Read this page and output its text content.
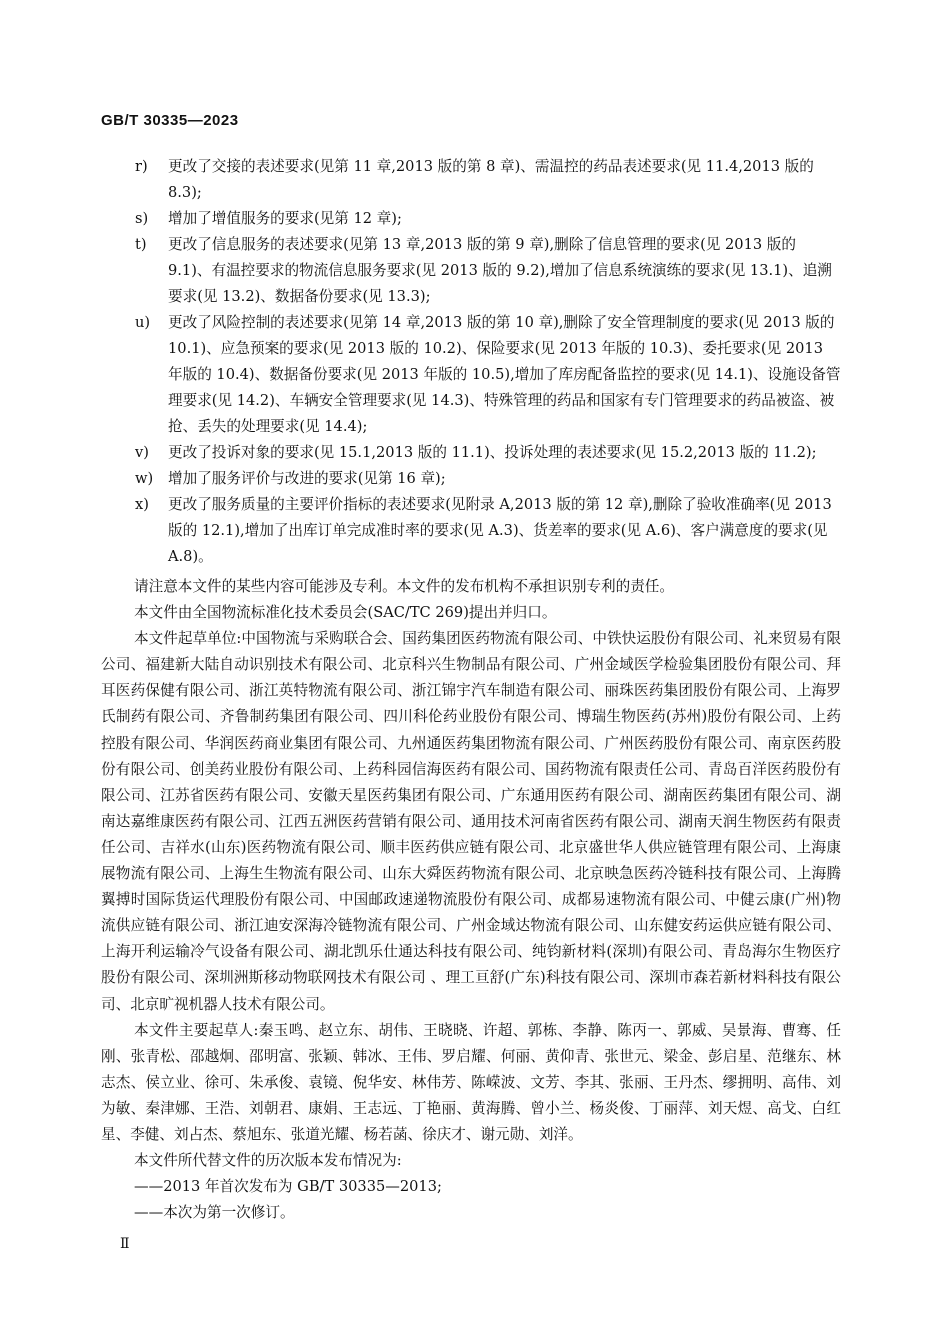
GB/T 30335—2023
r) 更改了交接的表述要求(见第 11 章,2013 版的第 8 章)、需温控的药品表述要求(见 11.4,2013 版的 8.3);
s) 增加了增值服务的要求(见第 12 章);
t) 更改了信息服务的表述要求(见第 13 章,2013 版的第 9 章),删除了信息管理的要求(见 2013 版的 9.1)、有温控要求的物流信息服务要求(见 2013 版的 9.2),增加了信息系统演练的要求(见 13.1)、追溯要求(见 13.2)、数据备份要求(见 13.3);
u) 更改了风险控制的表述要求(见第 14 章,2013 版的第 10 章),删除了安全管理制度的要求(见 2013 版的 10.1)、应急预案的要求(见 2013 版的 10.2)、保险要求(见 2013 年版的 10.3)、委托要求(见 2013 年版的 10.4)、数据备份要求(见 2013 年版的 10.5),增加了库房配备监控的要求(见 14.1)、设施设备管理要求(见 14.2)、车辆安全管理要求(见 14.3)、特殊管理的药品和国家有专门管理要求的药品被盗、被抢、丢失的处理要求(见 14.4);
v) 更改了投诉对象的要求(见 15.1,2013 版的 11.1)、投诉处理的表述要求(见 15.2,2013 版的 11.2);
w) 增加了服务评价与改进的要求(见第 16 章);
x) 更改了服务质量的主要评价指标的表述要求(见附录 A,2013 版的第 12 章),删除了验收准确率(见 2013 版的 12.1),增加了出库订单完成准时率的要求(见 A.3)、货差率的要求(见 A.6)、客户满意度的要求(见 A.8)。

请注意本文件的某些内容可能涉及专利。本文件的发布机构不承担识别专利的责任。

本文件由全国物流标准化技术委员会(SAC/TC 269)提出并归口。

本文件起草单位:中国物流与采购联合会、国药集团医药物流有限公司、中铁快运股份有限公司、礼来贸易有限公司、福建新大陆自动识别技术有限公司、北京科兴生物制品有限公司、广州金域医学检验集团股份有限公司、拜耳医药保健有限公司、浙江英特物流有限公司、浙江锦宇汽车制造有限公司、丽珠医药集团股份有限公司、上海罗氏制药有限公司、齐鲁制药集团有限公司、四川科伦药业股份有限公司、博瑞生物医药(苏州)股份有限公司、上药控股有限公司、华润医药商业集团有限公司、九州通医药集团物流有限公司、广州医药股份有限公司、南京医药股份有限公司、创美药业股份有限公司、上药科园信海医药有限公司、国药物流有限责任公司、青岛百洋医药股份有限公司、江苏省医药有限公司、安徽天星医药集团有限公司、广东通用医药有限公司、湖南医药集团有限公司、湖南达嘉维康医药有限公司、江西五洲医药营销有限公司、通用技术河南省医药有限公司、湖南天润生物医药有限责任公司、吉祥水(山东)医药物流有限公司、顺丰医药供应链有限公司、北京盛世华人供应链管理有限公司、上海康展物流有限公司、上海生生物流有限公司、山东大舜医药物流有限公司、北京映急医药冷链科技有限公司、上海腾翼搏时国际货运代理股份有限公司、中国邮政速递物流股份有限公司、成都易速物流有限公司、中健云康(广州)物流供应链有限公司、浙江迪安深海冷链物流有限公司、广州金域达物流有限公司、山东健安药运供应链有限公司、上海开利运输冷气设备有限公司、湖北凯乐仕通达科技有限公司、纯钧新材料(深圳)有限公司、青岛海尔生物医疗股份有限公司、深圳洲斯移动物联网技术有限公司 、理工亘舒(广东)科技有限公司、深圳市森若新材料科技有限公司、北京旷视机器人技术有限公司。

本文件主要起草人:秦玉鸣、赵立东、胡伟、王晓晓、许超、郭栋、李静、陈丙一、郭威、吴景海、曹骞、任刚、张青松、邵越炯、邵明富、张颖、韩冰、王伟、罗启耀、何丽、黄仰青、张世元、梁金、彭启星、范继东、林志杰、侯立业、徐可、朱承俊、袁镜、倪华安、林伟芳、陈嵘波、文芳、李其、张丽、王丹杰、缪拥明、高伟、刘为敏、秦津娜、王浩、刘朝君、康娟、王志远、丁艳丽、黄海腾、曾小兰、杨炎俊、丁丽萍、刘天煜、高戈、白红星、李健、刘占杰、蔡旭东、张道光耀、杨若菡、徐庆才、谢元勋、刘洋。

本文件所代替文件的历次版本发布情况为:

——2013 年首次发布为 GB/T 30335—2013;

——本次为第一次修订。

Ⅱ
